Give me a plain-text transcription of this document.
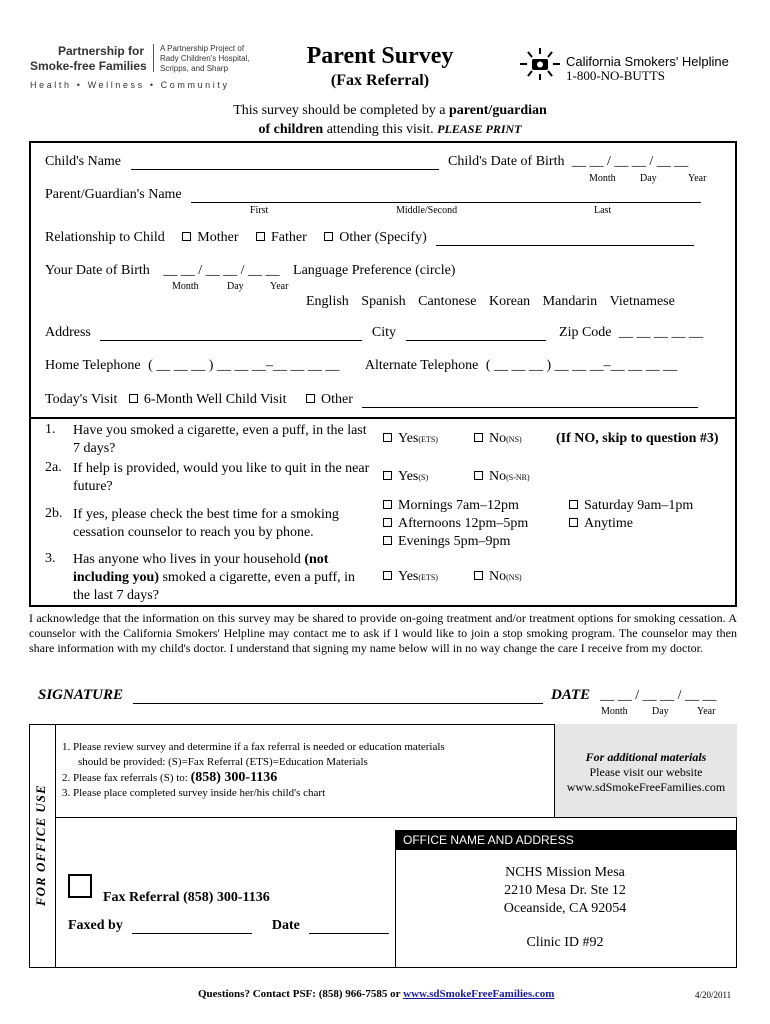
Partnership for
Smoke-free Families
A Partnership Project of
Rady Children's Hospital,
Scripps, and Sharp
Health • Wellness • Community
Parent Survey
(Fax Referral)
California Smokers' Helpline
1-800-NO-BUTTS
This survey should be completed by a parent/guardian
of children attending this visit. PLEASE PRINT
Child's Name	Child's Date of Birth __ __ / __ __ / __ __
Month Day	Year
Parent/Guardian's Name
First	Middle/Second	Last
Relationship to Child Mother Father Other (Specify)
Your Date of Birth __ __ / __ __ / __ __ Language Preference (circle)
Month	Day	Year
English Spanish Cantonese Korean Mandarin Vietnamese
Address	City	Zip Code __ __ __ __ __
Home Telephone ( __ __ __ ) __ __ __–__ __ __ __ Alternate Telephone ( __ __ __ ) __ __ __–__ __ __ __
Today's Visit 6-Month Well Child Visit Other
1. Have you smoked a cigarette, even a puff, in the last 7 days?
Yes(ETS)	No(NS) (If NO, skip to question #3)
2a. If help is provided, would you like to quit in the near future?
Yes(S)	No(S-NR)
2b. If yes, please check the best time for a smoking cessation counselor to reach you by phone.
Mornings 7am–12pm
Afternoons 12pm–5pm
Evenings 5pm–9pm
Saturday 9am–1pm
Anytime
3. Has anyone who lives in your household (not including you) smoked a cigarette, even a puff, in the last 7 days?
Yes(ETS)	No(NS)
I acknowledge that the information on this survey may be shared to provide on-going treatment and/or treatment options for smoking cessation. A counselor with the California Smokers' Helpline may contact me to ask if I would like to join a stop smoking program. The counselor may then share information with my child's doctor. I understand that signing my name below will in no way change the care I receive from my doctor.
SIGNATURE	DATE __ __ / __ __ / __ __
Month Day	Year
FOR OFFICE USE
1. Please review survey and determine if a fax referral is needed or education materials should be provided: (S)=Fax Referral (ETS)=Education Materials
2. Please fax referrals (S) to: (858) 300-1136
3. Please place completed survey inside her/his child's chart
For additional materials
Please visit our website
www.sdSmokeFreeFamilies.com
Fax Referral (858) 300-1136
Faxed by	Date
OFFICE NAME AND ADDRESS
NCHS Mission Mesa
2210 Mesa Dr. Ste 12
Oceanside, CA 92054
Clinic ID #92
Questions? Contact PSF: (858) 966-7585 or www.sdSmokeFreeFamilies.com	4/20/2011
